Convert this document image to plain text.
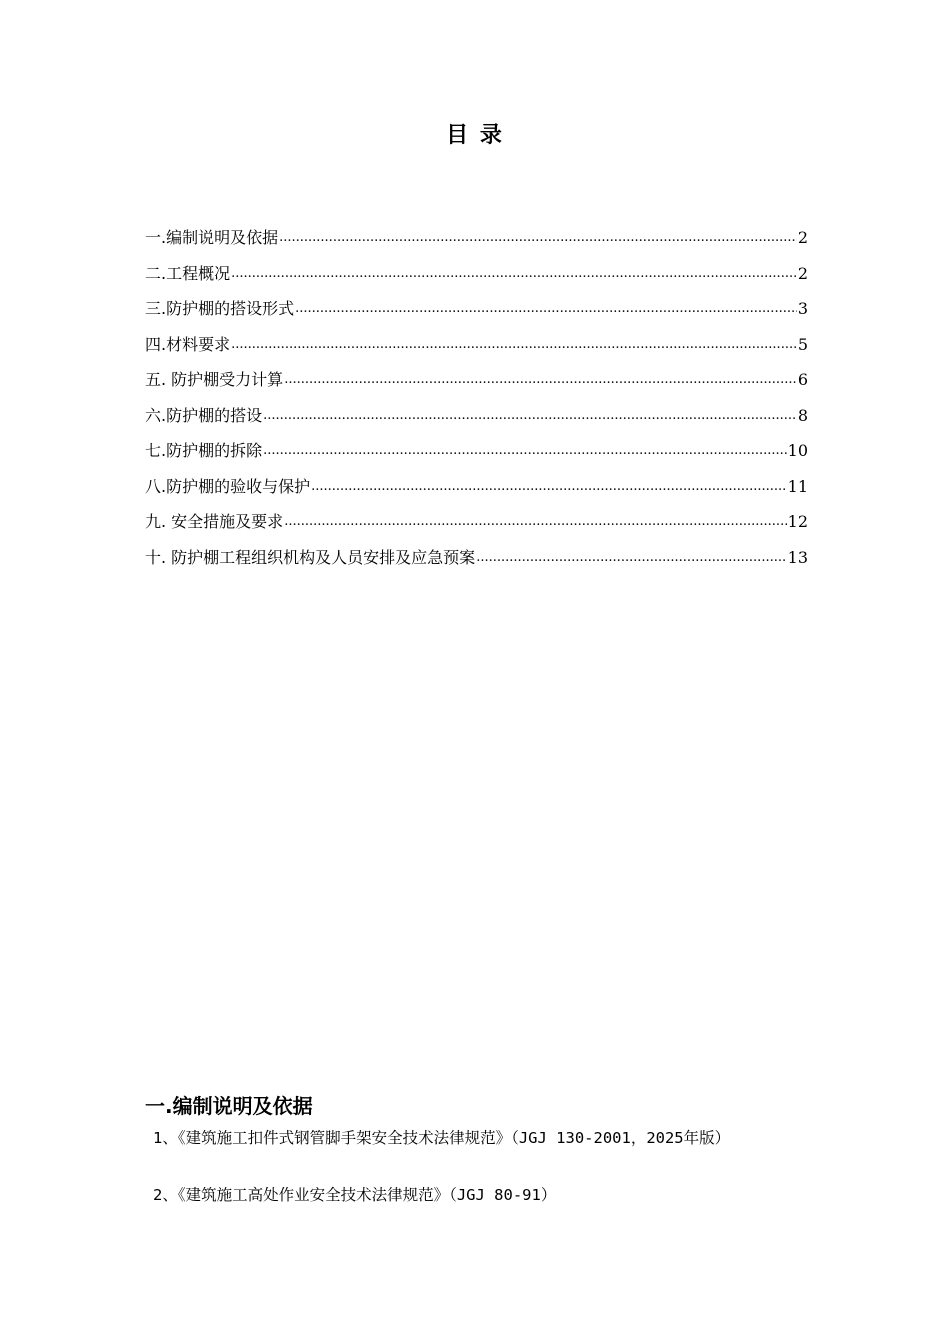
目 录
一.编制说明及依据 .....	2
二.工程概况 .....	2
三.防护棚的搭设形式 .....	3
四.材料要求 .....	5
五. 防护棚受力计算 .....	6
六.防护棚的搭设 .....	8
七.防护棚的拆除 .....	10
八.防护棚的验收与保护 .....	11
九. 安全措施及要求 .....	12
十. 防护棚工程组织机构及人员安排及应急预案 .....	13
一.编制说明及依据

1、《建筑施工扣件式钢管脚手架安全技术法律规范》（JGJ 130-2001，2025年版）

2、《建筑施工高处作业安全技术法律规范》（JGJ 80-91）
